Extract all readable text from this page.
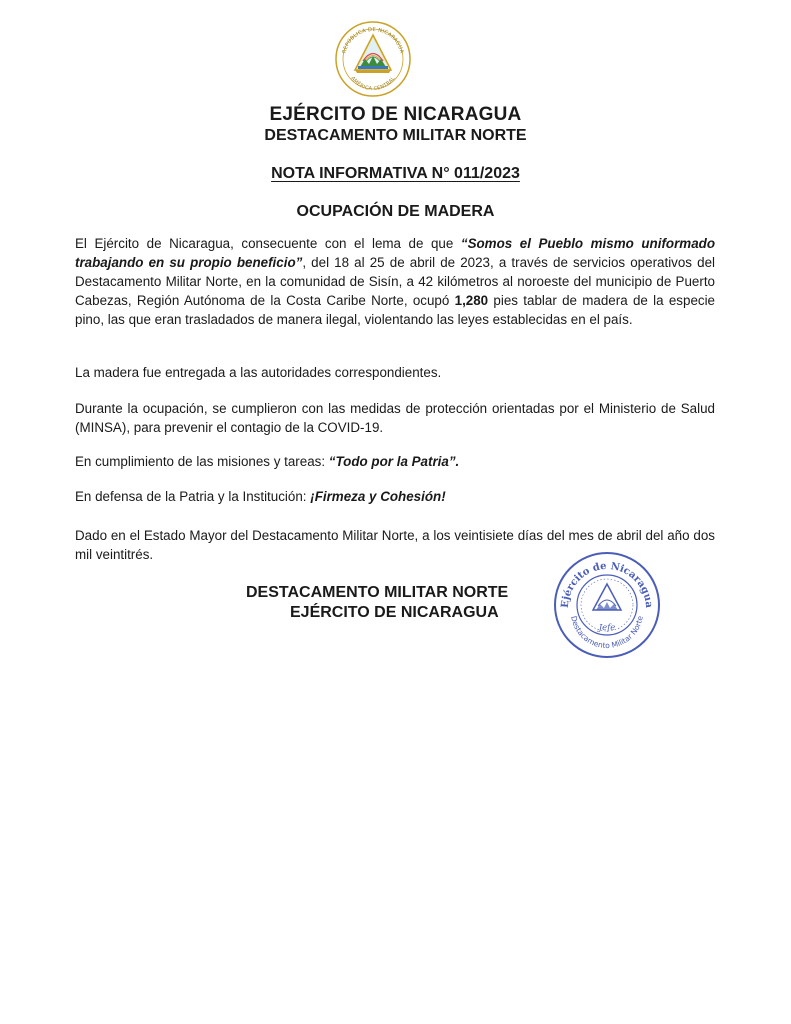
REPÚBLICA DE NICARAGUA
AMÉRICA CENTRAL
EJÉRCITO DE NICARAGUA
DESTACAMENTO MILITAR NORTE
NOTA INFORMATIVA N° 011/2023
OCUPACIÓN DE MADERA
El Ejército de Nicaragua, consecuente con el lema de que “Somos el Pueblo mismo uniformado trabajando en su propio beneficio”, del 18 al 25 de abril de 2023, a través de servicios operativos del Destacamento Militar Norte, en la comunidad de Sisín, a 42 kilómetros al noroeste del municipio de Puerto Cabezas, Región Autónoma de la Costa Caribe Norte, ocupó 1,280 pies tablar de madera de la especie pino, las que eran trasladados de manera ilegal, violentando las leyes establecidas en el país.
La madera fue entregada a las autoridades correspondientes.
Durante la ocupación, se cumplieron con las medidas de protección orientadas por el Ministerio de Salud (MINSA), para prevenir el contagio de la COVID-19.
En cumplimiento de las misiones y tareas: “Todo por la Patria”.
En defensa de la Patria y la Institución: ¡Firmeza y Cohesión!
Dado en el Estado Mayor del Destacamento Militar Norte, a los veintisiete días del mes de abril del año dos mil veintitrés.
DESTACAMENTO MILITAR NORTE
EJÉRCITO DE NICARAGUA	Ejército de Nicaragua
Destacamento Militar Norte
Jefe
